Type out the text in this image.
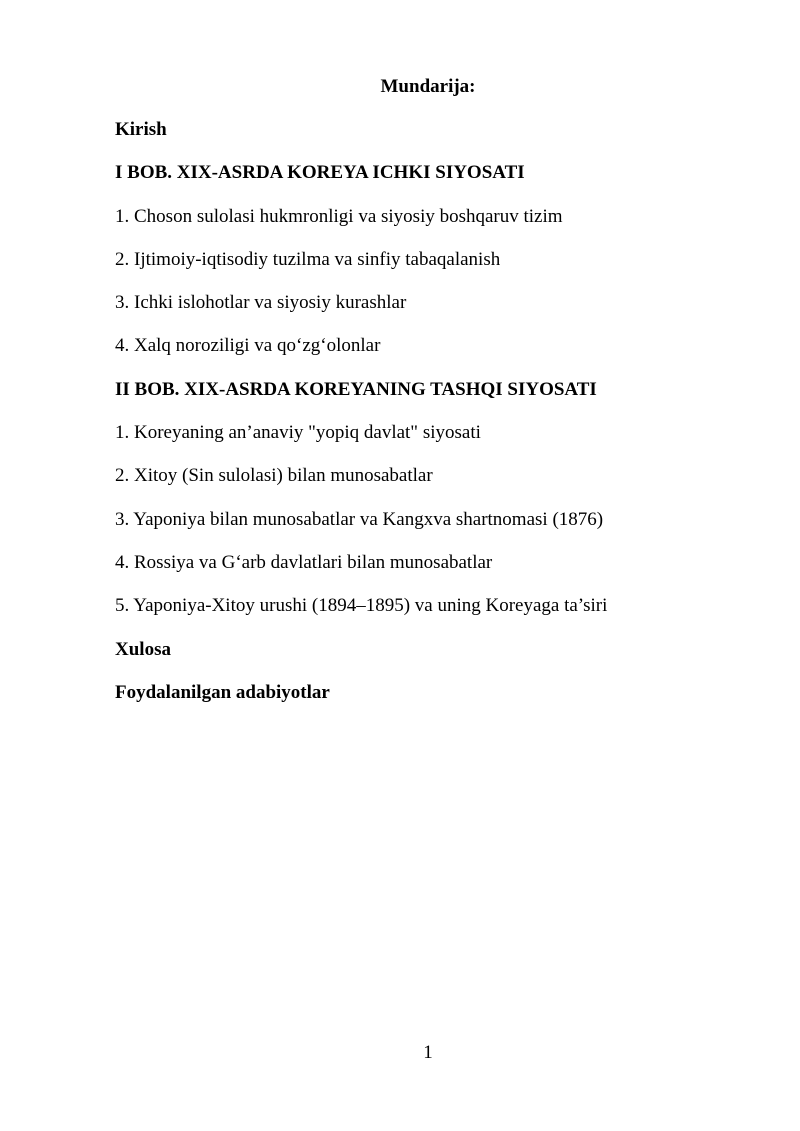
Mundarija:
Kirish
I BOB. XIX-ASRDA KOREYA ICHKI SIYOSATI
1. Choson sulolasi hukmronligi va siyosiy boshqaruv tizim
2. Ijtimoiy-iqtisodiy tuzilma va sinfiy tabaqalanish
3. Ichki islohotlar va siyosiy kurashlar
4. Xalq noroziligi va qo‘zg‘olonlar
II BOB. XIX-ASRDA KOREYANING TASHQI SIYOSATI
1. Koreyaning an’anaviy "yopiq davlat" siyosati
2. Xitoy (Sin sulolasi) bilan munosabatlar
3. Yaponiya bilan munosabatlar va Kangxva shartnomasi (1876)
4. Rossiya va G‘arb davlatlari bilan munosabatlar
5. Yaponiya-Xitoy urushi (1894–1895) va uning Koreyaga ta’siri
Xulosa
Foydalanilgan adabiyotlar
1
